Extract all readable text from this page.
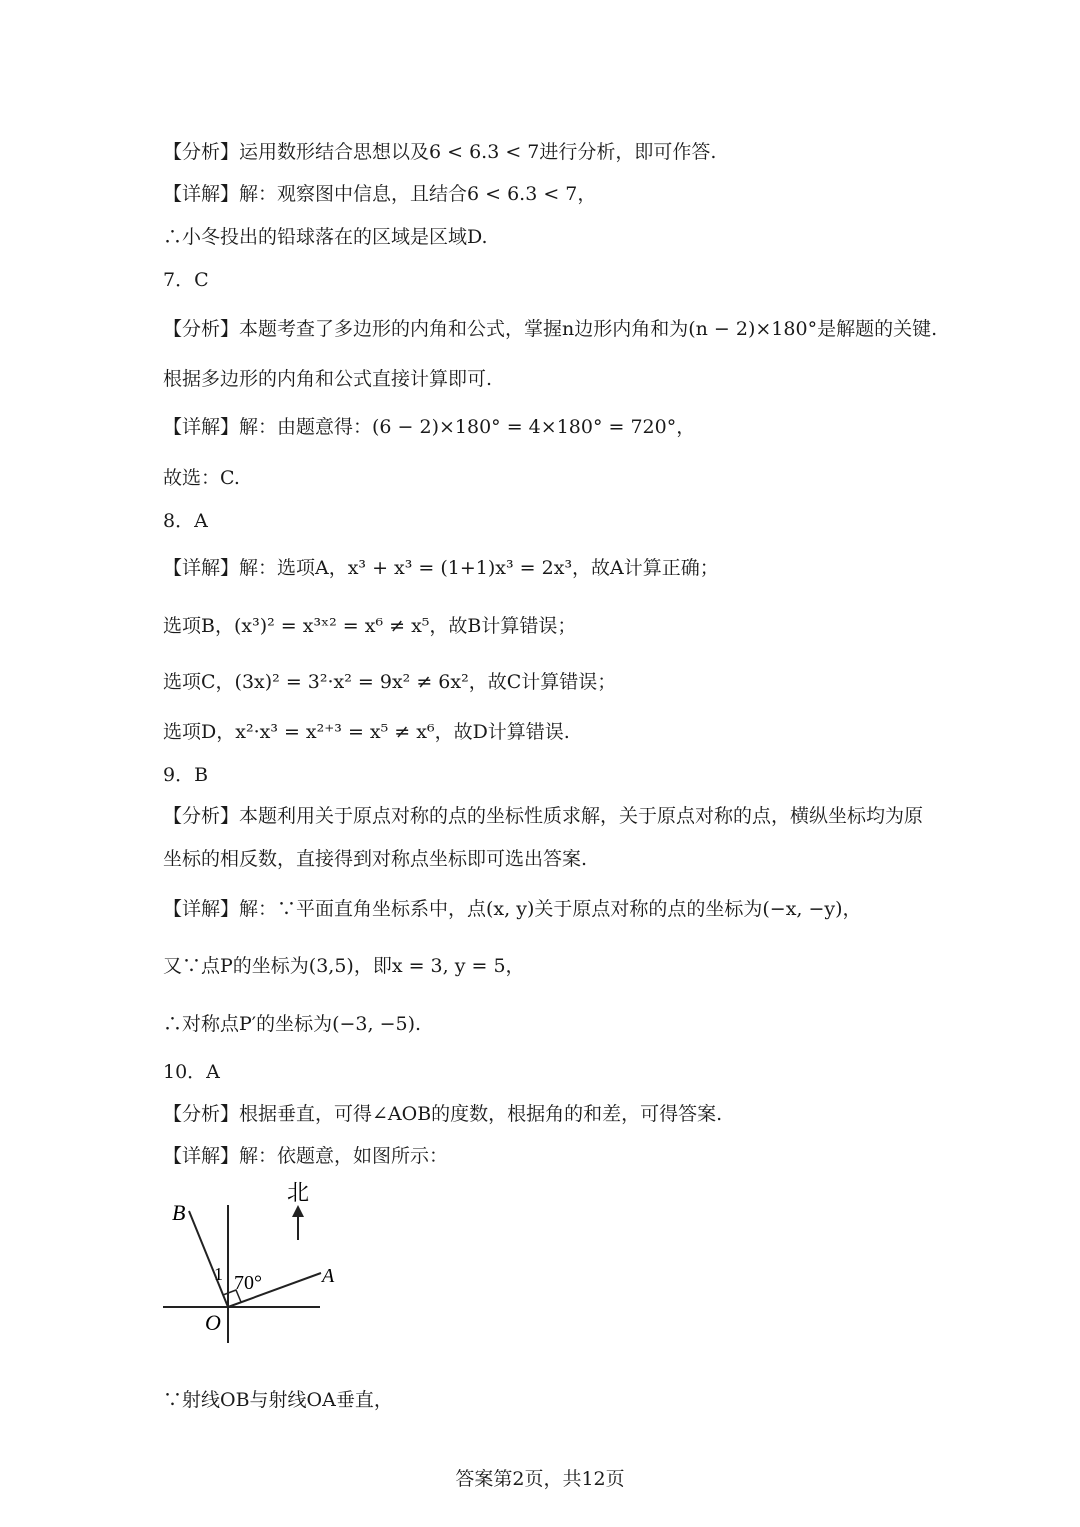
【分析】运用数形结合思想以及6 < 6.3 < 7进行分析，即可作答.
【详解】解：观察图中信息，且结合6 < 6.3 < 7，
∴小冬投出的铅球落在的区域是区域D.
7．C
【分析】本题考查了多边形的内角和公式，掌握n边形内角和为(n − 2)×180°是解题的关键.
根据多边形的内角和公式直接计算即可.
【详解】解：由题意得：(6 − 2)×180° = 4×180° = 720°，
故选：C.
8．A
【详解】解：选项A，x³ + x³ = (1+1)x³ = 2x³，故A计算正确；
选项B，(x³)² = x³ˣ² = x⁶ ≠ x⁵，故B计算错误；
选项C，(3x)² = 3²·x² = 9x² ≠ 6x²，故C计算错误；
选项D，x²·x³ = x²⁺³ = x⁵ ≠ x⁶，故D计算错误.
9．B
【分析】本题利用关于原点对称的点的坐标性质求解，关于原点对称的点，横纵坐标均为原
坐标的相反数，直接得到对称点坐标即可选出答案.
【详解】解：∵平面直角坐标系中，点(x, y)关于原点对称的点的坐标为(−x, −y)，
又∵点P的坐标为(3,5)，即x = 3, y = 5，
∴对称点P′的坐标为(−3, −5).
10．A
【分析】根据垂直，可得∠AOB的度数，根据角的和差，可得答案.
【详解】解：依题意，如图所示：
北
B
A
O
1 70°
∵射线OB与射线OA垂直，
答案第2页，共12页
